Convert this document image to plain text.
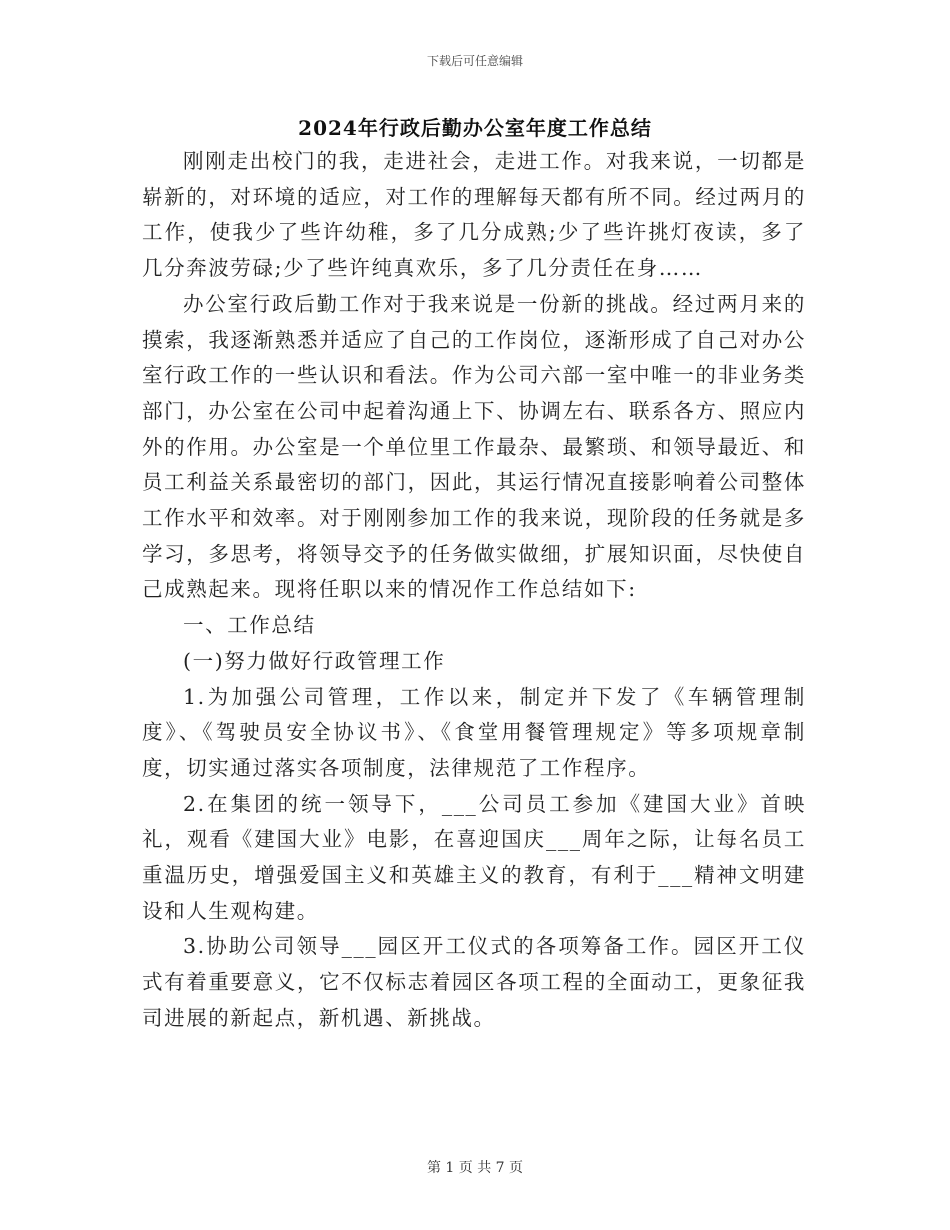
下载后可任意编辑
2024年行政后勤办公室年度工作总结

刚刚走出校门的我，走进社会，走进工作。对我来说，一切都是崭新的，对环境的适应，对工作的理解每天都有所不同。经过两月的工作，使我少了些许幼稚，多了几分成熟;少了些许挑灯夜读，多了几分奔波劳碌;少了些许纯真欢乐，多了几分责任在身……

办公室行政后勤工作对于我来说是一份新的挑战。经过两月来的摸索，我逐渐熟悉并适应了自己的工作岗位，逐渐形成了自己对办公室行政工作的一些认识和看法。作为公司六部一室中唯一的非业务类部门，办公室在公司中起着沟通上下、协调左右、联系各方、照应内外的作用。办公室是一个单位里工作最杂、最繁琐、和领导最近、和员工利益关系最密切的部门，因此，其运行情况直接影响着公司整体工作水平和效率。对于刚刚参加工作的我来说，现阶段的任务就是多学习，多思考，将领导交予的任务做实做细，扩展知识面，尽快使自己成熟起来。现将任职以来的情况作工作总结如下:

一、工作总结

(一)努力做好行政管理工作

1.为加强公司管理，工作以来，制定并下发了《车辆管理制度》、《驾驶员安全协议书》、《食堂用餐管理规定》等多项规章制度，切实通过落实各项制度，法律规范了工作程序。

2.在集团的统一领导下，___公司员工参加《建国大业》首映礼，观看《建国大业》电影，在喜迎国庆___周年之际，让每名员工重温历史，增强爱国主义和英雄主义的教育，有利于___精神文明建设和人生观构建。

3.协助公司领导___园区开工仪式的各项筹备工作。园区开工仪式有着重要意义，它不仅标志着园区各项工程的全面动工，更象征我司进展的新起点，新机遇、新挑战。

第 1 页 共 7 页
